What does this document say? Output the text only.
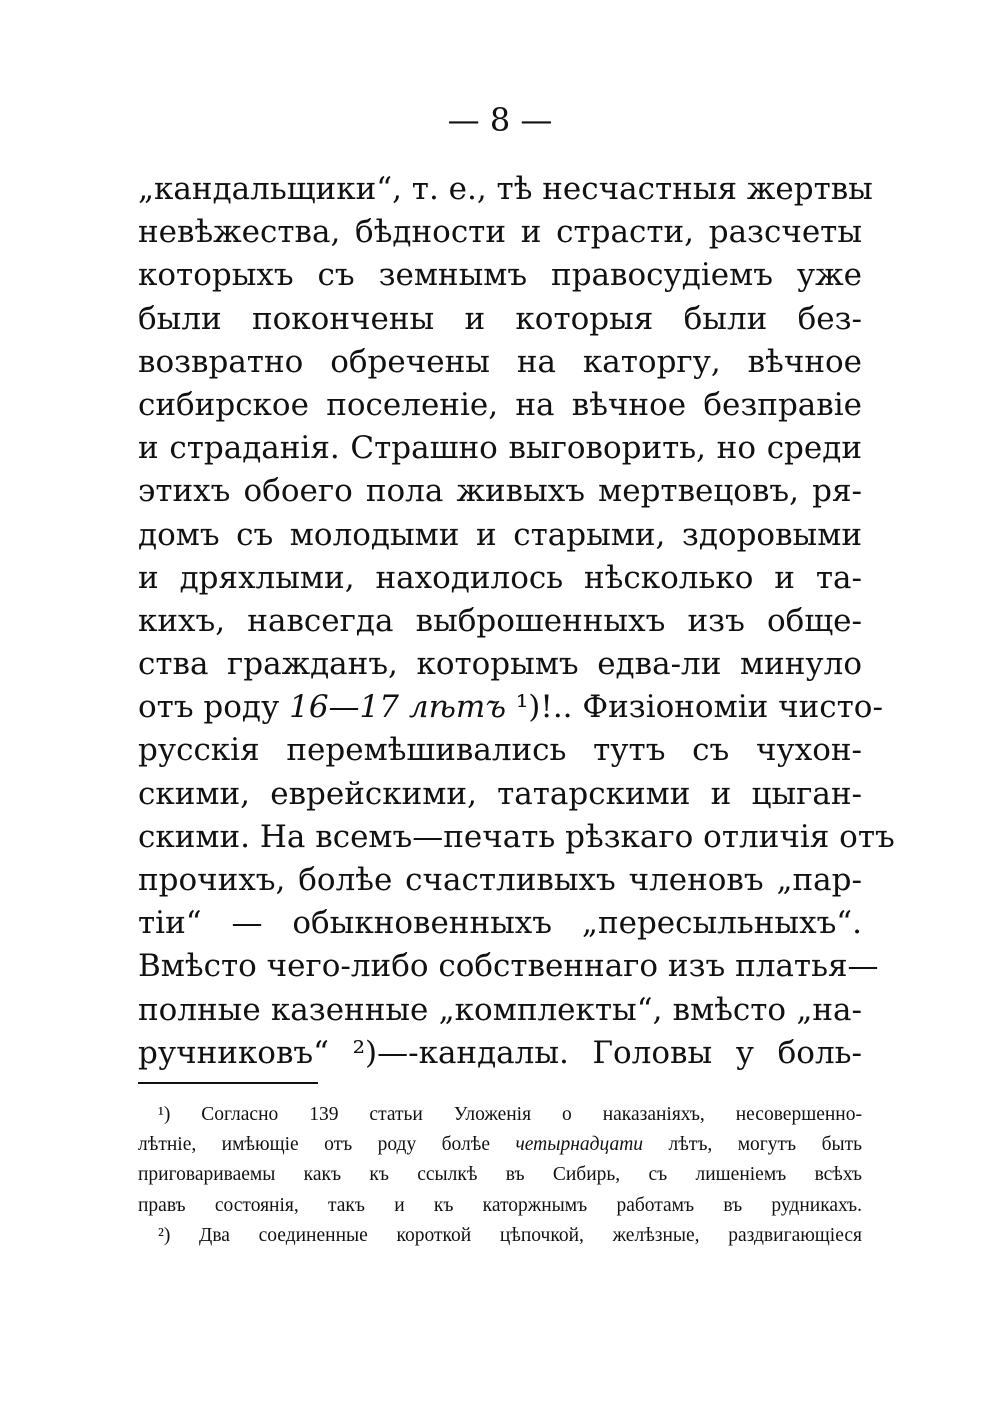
— 8 —
„кандальщики“, т. е., тѣ несчастныя жертвы
невѣжества, бѣдности и страсти, разсчеты
которыхъ съ земнымъ правосудіемъ уже
были покончены и которыя были без-
возвратно обречены на каторгу, вѣчное
сибирское поселеніе, на вѣчное безправіе
и страданія. Страшно выговорить, но среди
этихъ обоего пола живыхъ мертвецовъ, ря-
домъ съ молодыми и старыми, здоровыми
и дряхлыми, находилось нѣсколько и та-
кихъ, навсегда выброшенныхъ изъ обще-
ства гражданъ, которымъ едва-ли минуло
отъ роду 16—17 лѣтъ ¹)!.. Физіономіи чисто-
русскія перемѣшивались тутъ съ чухон-
скими, еврейскими, татарскими и цыган-
скими. На всемъ—печать рѣзкаго отличія отъ
прочихъ, болѣе счастливыхъ членовъ „пар-
тіи“ — обыкновенныхъ „пересыльныхъ“.
Вмѣсто чего-либо собственнаго изъ платья—
полные казенные „комплекты“, вмѣсто „на-
ручниковъ“ ²)—-кандалы. Головы у боль-
¹) Согласно 139 статьи Уложенія о наказаніяхъ, несовершенно-
лѣтніе, имѣющіе отъ роду болѣе четырнадцати лѣтъ, могутъ быть
приговариваемы какъ къ ссылкѣ въ Сибирь, съ лишеніемъ всѣхъ
правъ состоянія, такъ и къ каторжнымъ работамъ въ рудникахъ.
²) Два соединенные короткой цѣпочкой, желѣзные, раздвигающіеся
